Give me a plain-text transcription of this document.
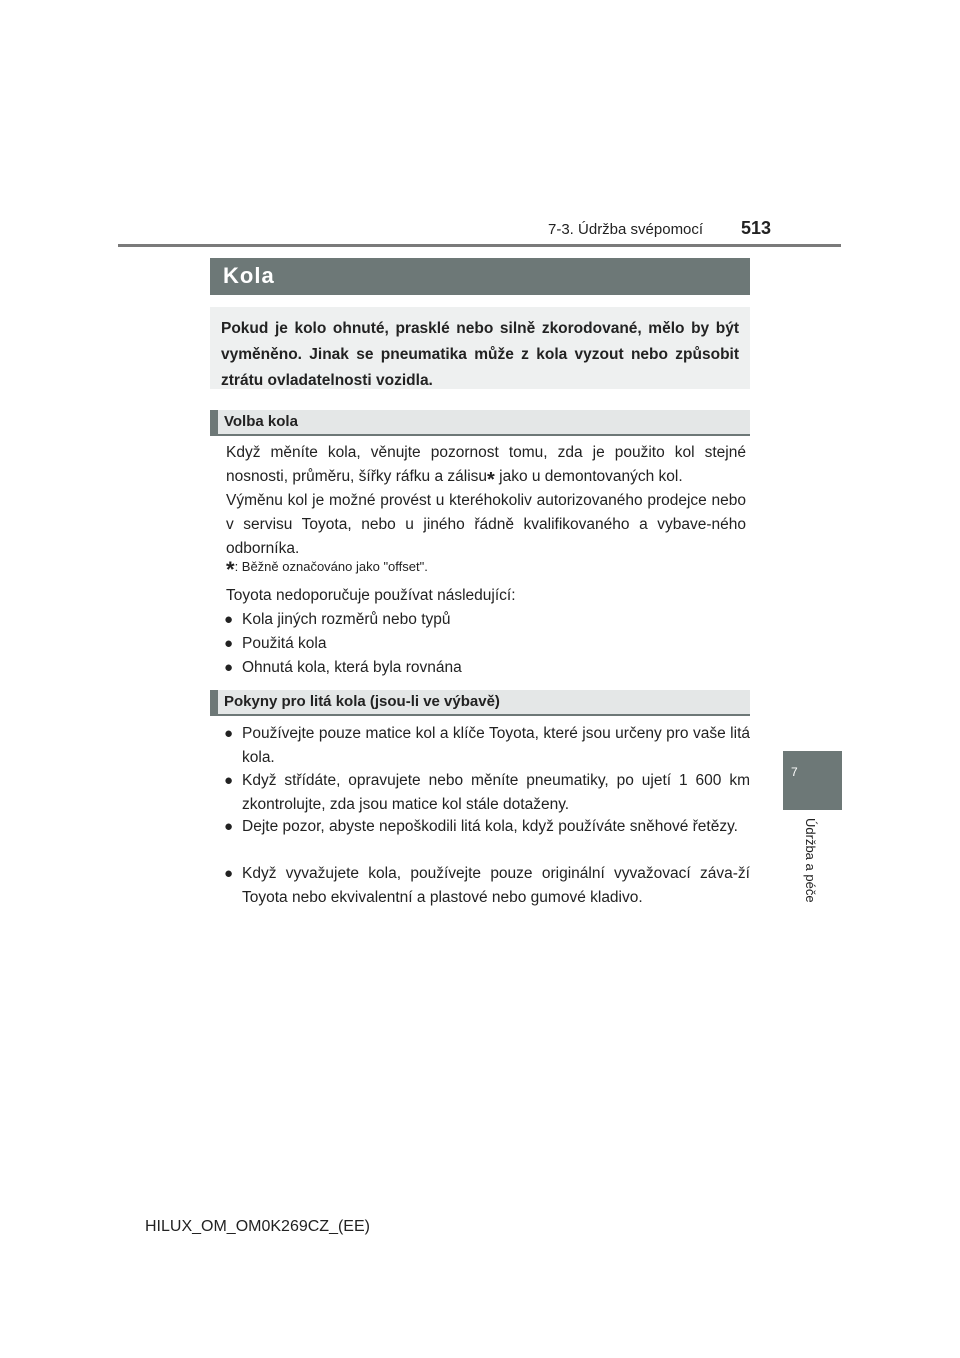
7-3. Údržba svépomocí 513
7
Údržba a péče
Kola
Pokud je kolo ohnuté, prasklé nebo silně zkorodované, mělo by být vyměněno. Jinak se pneumatika může z kola vyzout nebo způsobit ztrátu ovladatelnosti vozidla.
Volba kola
Když měníte kola, věnujte pozornost tomu, zda je použito kol stejné nosnosti, průměru, šířky ráfku a zálisu* jako u demontovaných kol.
Výměnu kol je možné provést u kteréhokoliv autorizovaného prodejce nebo v servisu Toyota, nebo u jiného řádně kvalifikovaného a vybave-ného odborníka.
*: Běžně označováno jako "offset".
Toyota nedoporučuje používat následující:
● Kola jiných rozměrů nebo typů
● Použitá kola
● Ohnutá kola, která byla rovnána
Pokyny pro litá kola (jsou-li ve výbavě)
● Používejte pouze matice kol a klíče Toyota, které jsou určeny pro vaše litá kola.
● Když střídáte, opravujete nebo měníte pneumatiky, po ujetí 1 600 km zkontrolujte, zda jsou matice kol stále dotaženy.
● Dejte pozor, abyste nepoškodili litá kola, když používáte sněhové řetězy.
● Když vyvažujete kola, používejte pouze originální vyvažovací záva-ží Toyota nebo ekvivalentní a plastové nebo gumové kladivo.
HILUX_OM_OM0K269CZ_(EE)
